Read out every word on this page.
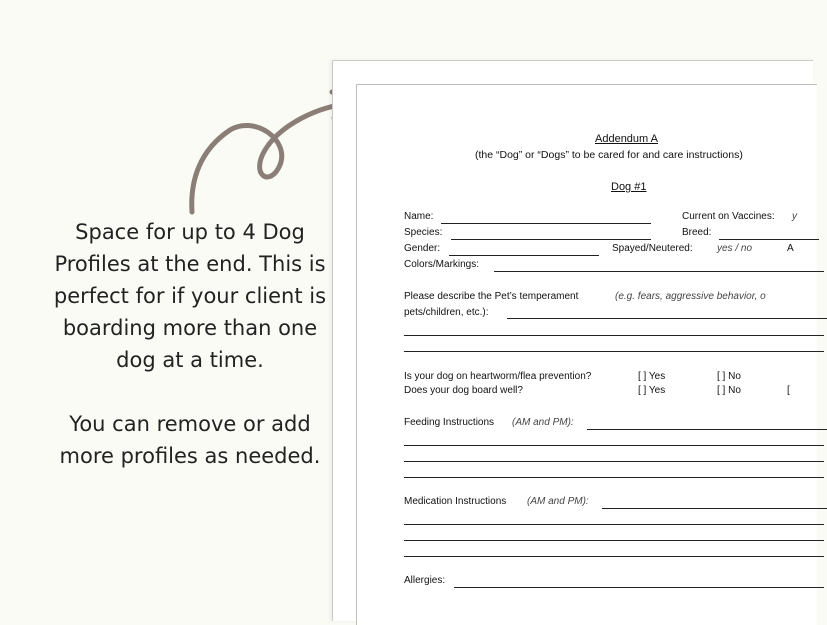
Space for up to 4 Dog Profiles at the end. This is perfect for if your client is boarding more than one dog at a time.

You can remove or add more profiles as needed.

Addendum A
(the “Dog” or “Dogs” to be cared for and care instructions)
Dog #1
Name:	Current on Vaccines: y
Species:	Breed:
Gender:	Spayed/Neutered: yes / no	A
Colors/Markings:
Please describe the Pet’s temperament	(e.g. fears, aggressive behavior, o
pets/children, etc.):
Is your dog on heartworm/flea prevention?	[ ] Yes	[ ] No
Does your dog board well?	[ ] Yes	[ ] No	[
Feeding Instructions (AM and PM):
Medication Instructions (AM and PM):
Allergies:
